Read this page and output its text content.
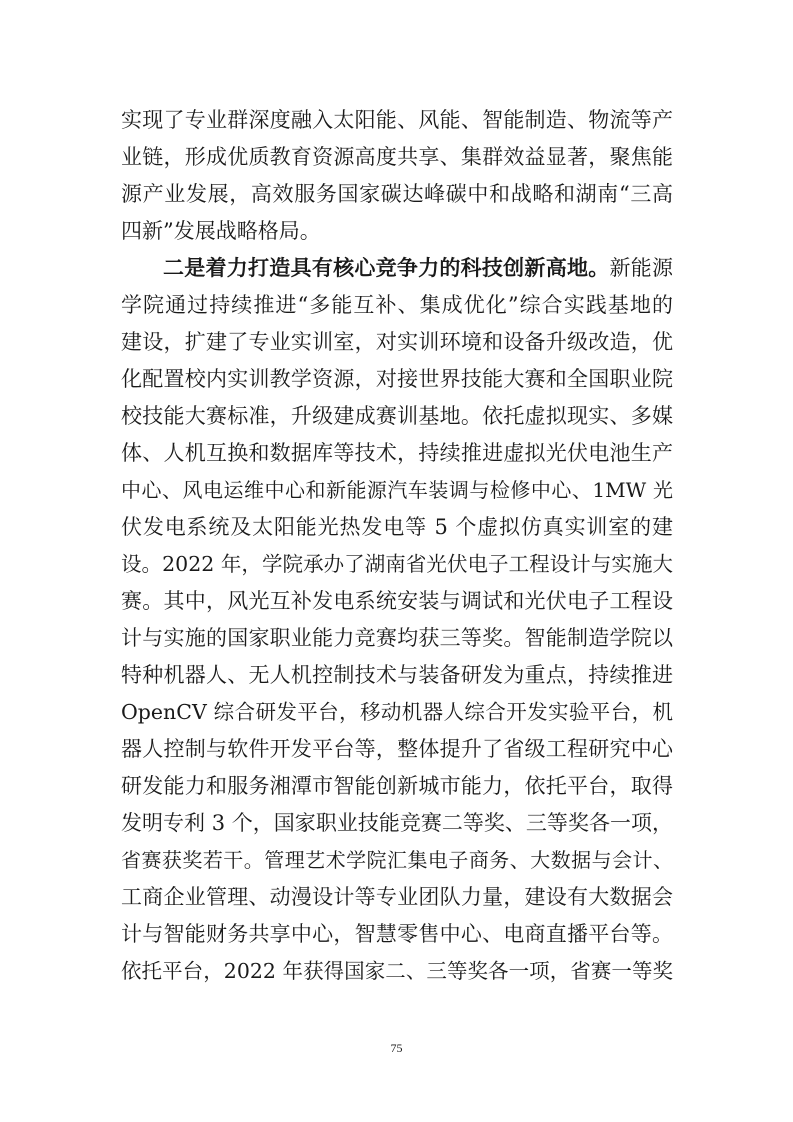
实现了专业群深度融入太阳能、风能、智能制造、物流等产
业链，形成优质教育资源高度共享、集群效益显著，聚焦能
源产业发展，高效服务国家碳达峰碳中和战略和湖南“三高
四新”发展战略格局。
二是着力打造具有核心竞争力的科技创新高地。新能源
学院通过持续推进“多能互补、集成优化”综合实践基地的
建设，扩建了专业实训室，对实训环境和设备升级改造，优
化配置校内实训教学资源，对接世界技能大赛和全国职业院
校技能大赛标准，升级建成赛训基地。依托虚拟现实、多媒
体、人机互换和数据库等技术，持续推进虚拟光伏电池生产
中心、风电运维中心和新能源汽车装调与检修中心、1MW 光
伏发电系统及太阳能光热发电等 5 个虚拟仿真实训室的建
设。2022 年，学院承办了湖南省光伏电子工程设计与实施大
赛。其中，风光互补发电系统安装与调试和光伏电子工程设
计与实施的国家职业能力竞赛均获三等奖。智能制造学院以
特种机器人、无人机控制技术与装备研发为重点，持续推进
OpenCV 综合研发平台，移动机器人综合开发实验平台，机
器人控制与软件开发平台等，整体提升了省级工程研究中心
研发能力和服务湘潭市智能创新城市能力，依托平台，取得
发明专利 3 个，国家职业技能竞赛二等奖、三等奖各一项，
省赛获奖若干。管理艺术学院汇集电子商务、大数据与会计、
工商企业管理、动漫设计等专业团队力量，建设有大数据会
计与智能财务共享中心，智慧零售中心、电商直播平台等。
依托平台，2022 年获得国家二、三等奖各一项，省赛一等奖
75
